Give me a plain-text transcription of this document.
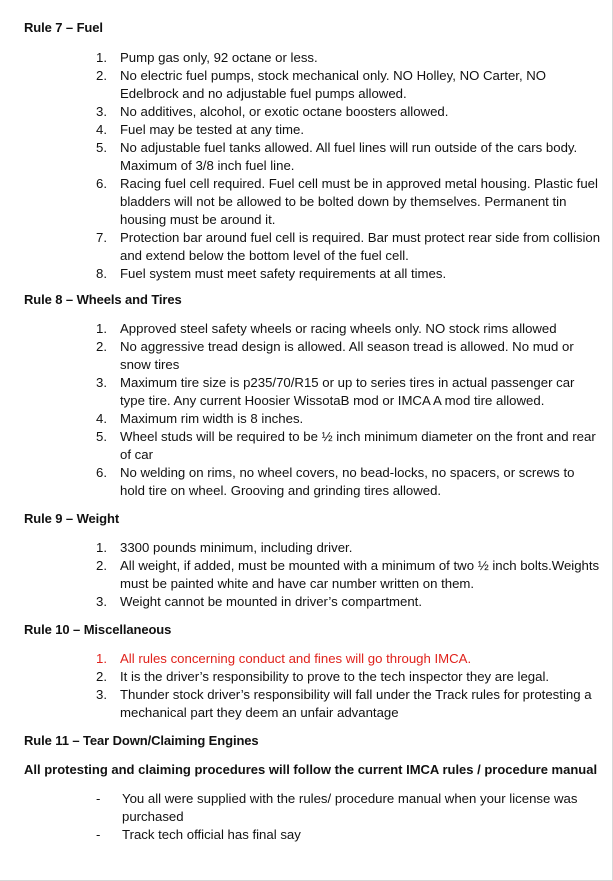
Rule 7 – Fuel
1. Pump gas only, 92 octane or less.
2. No electric fuel pumps, stock mechanical only. NO Holley, NO Carter, NO Edelbrock and no adjustable fuel pumps allowed.
3. No additives, alcohol, or exotic octane boosters allowed.
4. Fuel may be tested at any time.
5. No adjustable fuel tanks allowed. All fuel lines will run outside of the cars body. Maximum of 3/8 inch fuel line.
6. Racing fuel cell required. Fuel cell must be in approved metal housing. Plastic fuel bladders will not be allowed to be bolted down by themselves. Permanent tin housing must be around it.
7. Protection bar around fuel cell is required. Bar must protect rear side from collision and extend below the bottom level of the fuel cell.
8. Fuel system must meet safety requirements at all times.
Rule 8 – Wheels and Tires
1. Approved steel safety wheels or racing wheels only. NO stock rims allowed
2. No aggressive tread design is allowed. All season tread is allowed. No mud or snow tires
3. Maximum tire size is p235/70/R15 or up to series tires in actual passenger car type tire. Any current Hoosier WissotaB mod or IMCA A mod tire allowed.
4. Maximum rim width is 8 inches.
5. Wheel studs will be required to be ½ inch minimum diameter on the front and rear of car
6. No welding on rims, no wheel covers, no bead-locks, no spacers, or screws to hold tire on wheel. Grooving and grinding tires allowed.
Rule 9 – Weight
1. 3300 pounds minimum, including driver.
2. All weight, if added, must be mounted with a minimum of two ½ inch bolts.Weights must be painted white and have car number written on them.
3. Weight cannot be mounted in driver’s compartment.
Rule 10 – Miscellaneous
1. All rules concerning conduct and fines will go through IMCA.
2. It is the driver’s responsibility to prove to the tech inspector they are legal.
3. Thunder stock driver’s responsibility will fall under the Track rules for protesting a mechanical part they deem an unfair advantage
Rule 11 – Tear Down/Claiming Engines
All protesting and claiming procedures will follow the current IMCA rules / procedure manual
- You all were supplied with the rules/ procedure manual when your license was purchased
- Track tech official has final say
